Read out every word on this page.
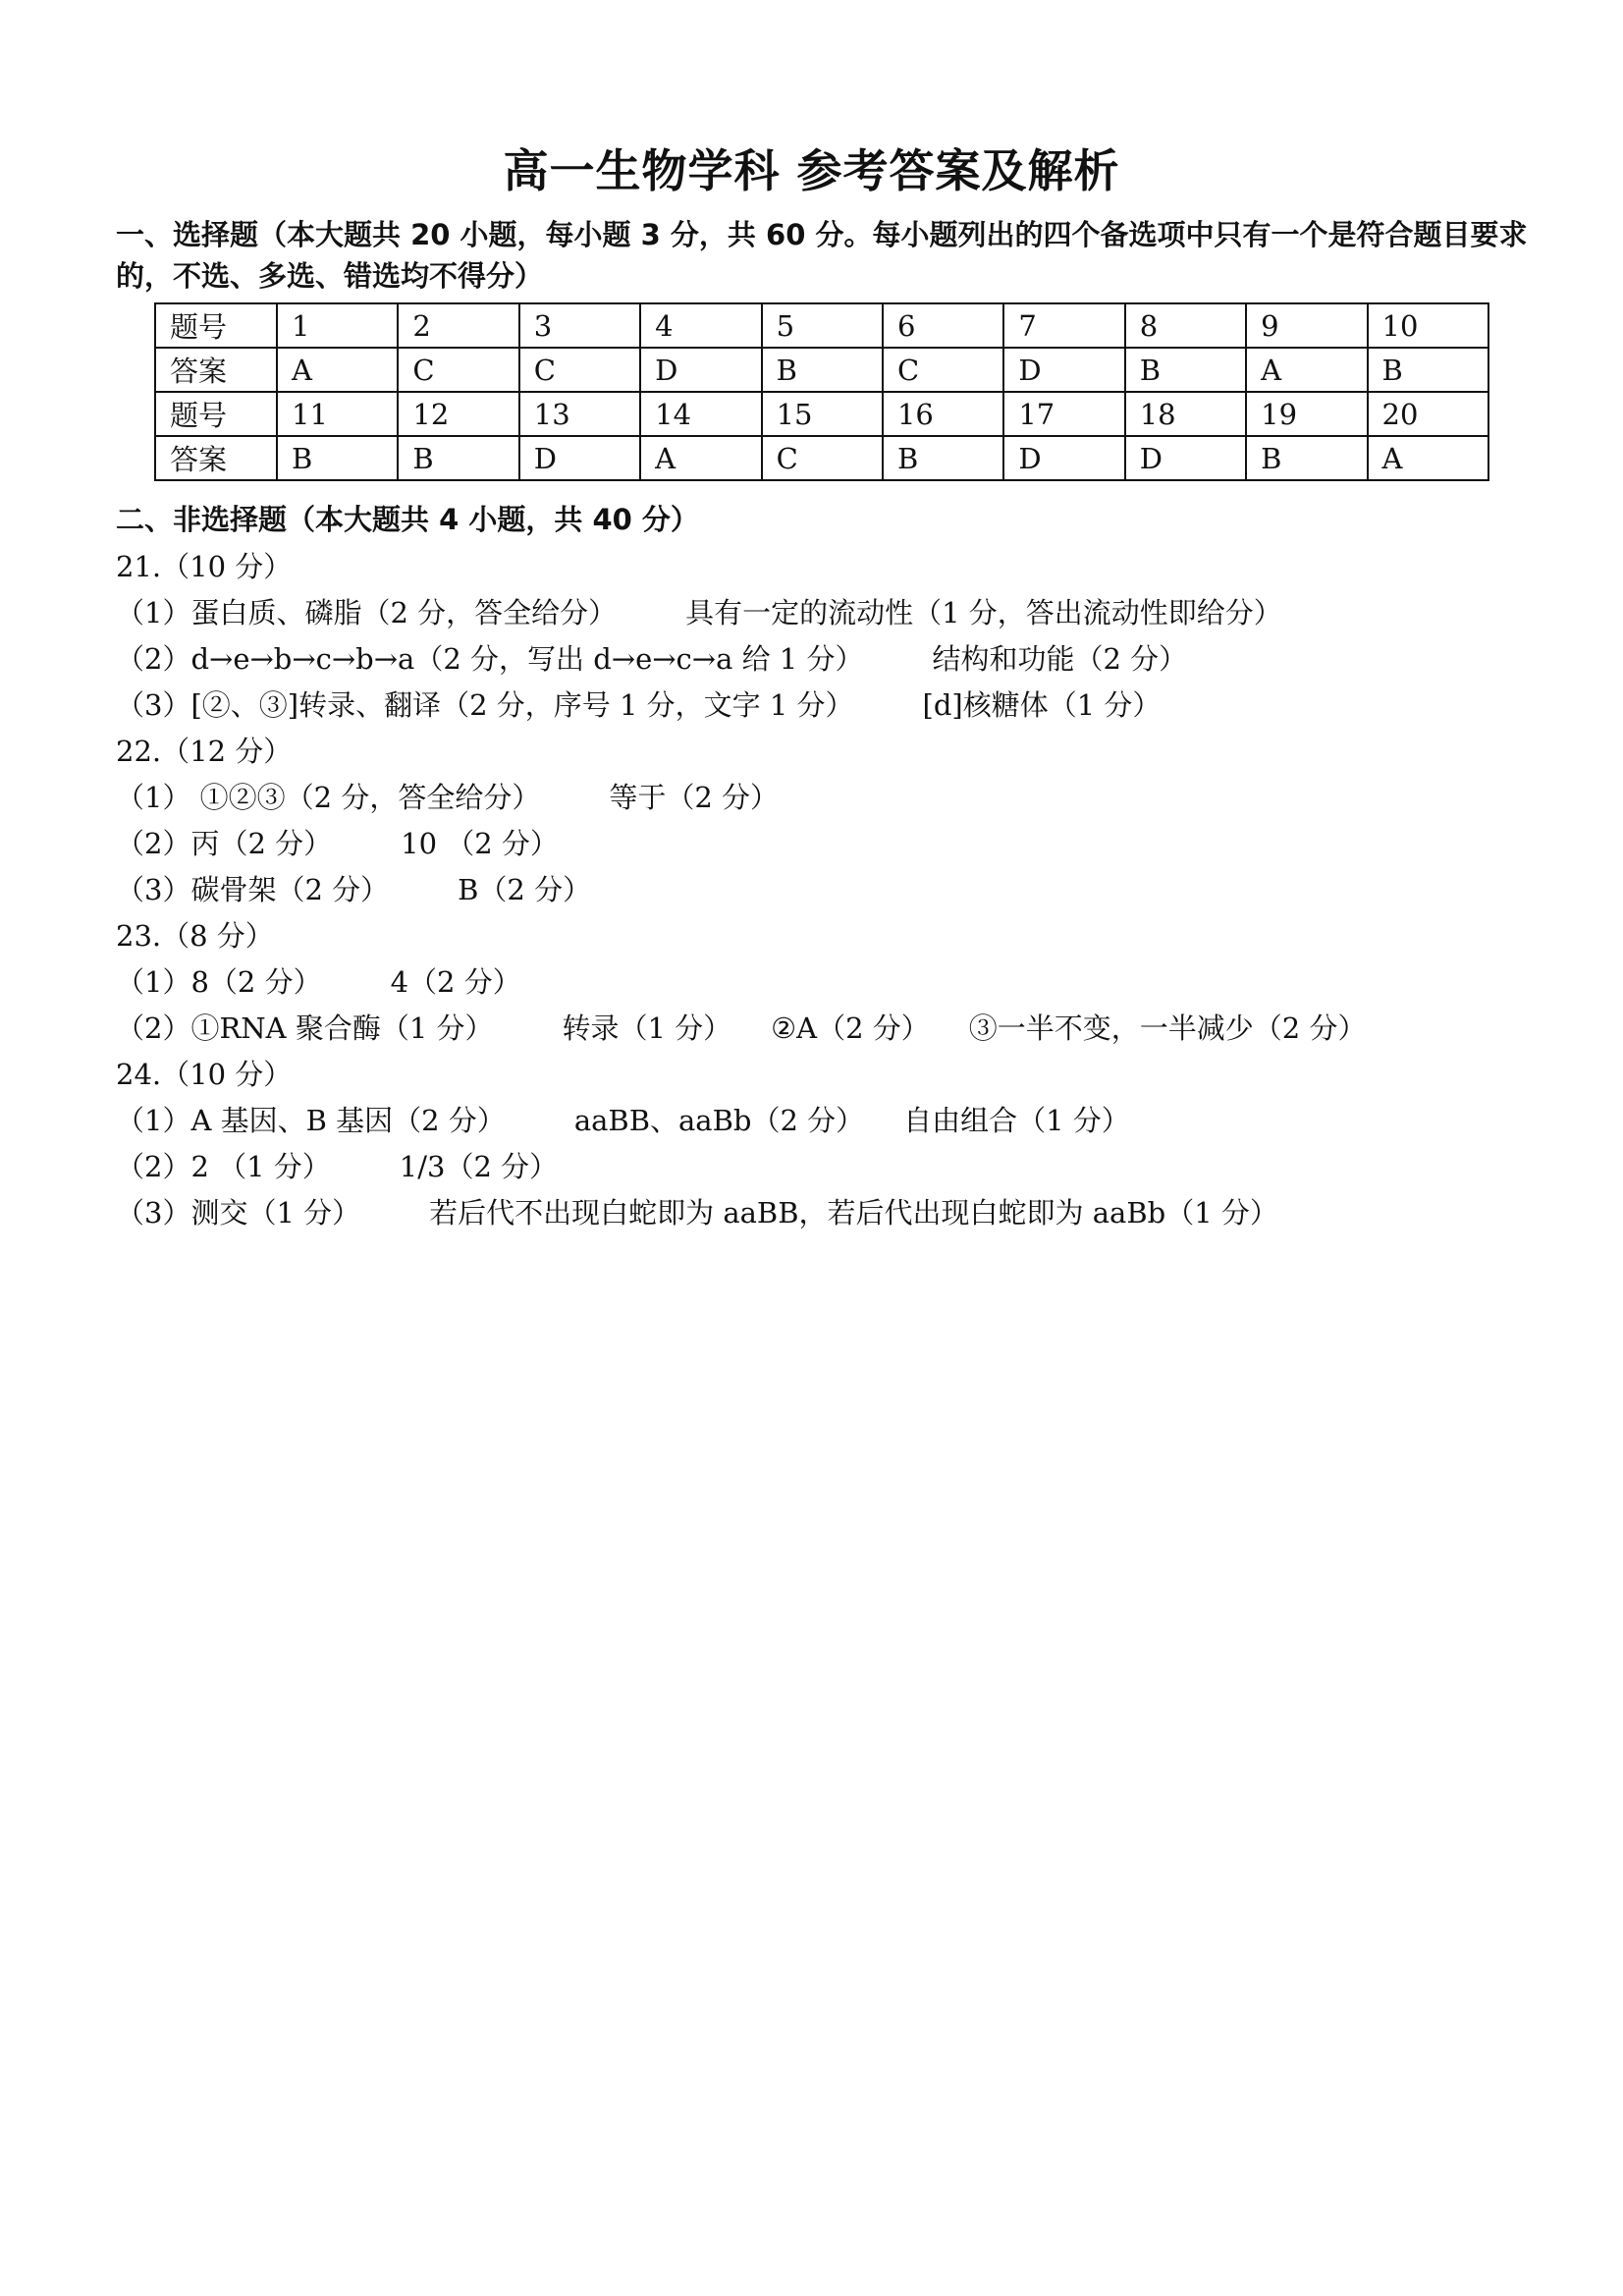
高一生物学科 参考答案及解析
一、选择题（本大题共 20 小题，每小题 3 分，共 60 分。每小题列出的四个备选项中只有一个是符合题目要求的，不选、多选、错选均不得分）
题号	1	2	3	4	5	6	7	8	9	10
答案	A	C	C	D	B	C	D	B	A	B
题号	11	12	13	14	15	16	17	18	19	20
答案	B	B	D	A	C	B	D	D	B	A
二、非选择题（本大题共 4 小题，共 40 分）
21.（10 分）
（1）蛋白质、磷脂（2 分，答全给分） 具有一定的流动性（1 分，答出流动性即给分）
（2）d→e→b→c→b→a（2 分，写出 d→e→c→a 给 1 分） 结构和功能（2 分）
（3）[②、③]转录、翻译（2 分，序号 1 分，文字 1 分） [d]核糖体（1 分）
22.（12 分）
（1） ①②③（2 分，答全给分） 等于（2 分）
（2）丙（2 分） 10 （2 分）
（3）碳骨架（2 分） B（2 分）
23.（8 分）
（1）8（2 分） 4（2 分）
（2）①RNA 聚合酶（1 分） 转录（1 分） ②A（2 分） ③一半不变，一半减少（2 分）
24.（10 分）
（1）A 基因、B 基因（2 分） aaBB、aaBb（2 分） 自由组合（1 分）
（2）2 （1 分） 1/3（2 分）
（3）测交（1 分） 若后代不出现白蛇即为 aaBB，若后代出现白蛇即为 aaBb（1 分）
